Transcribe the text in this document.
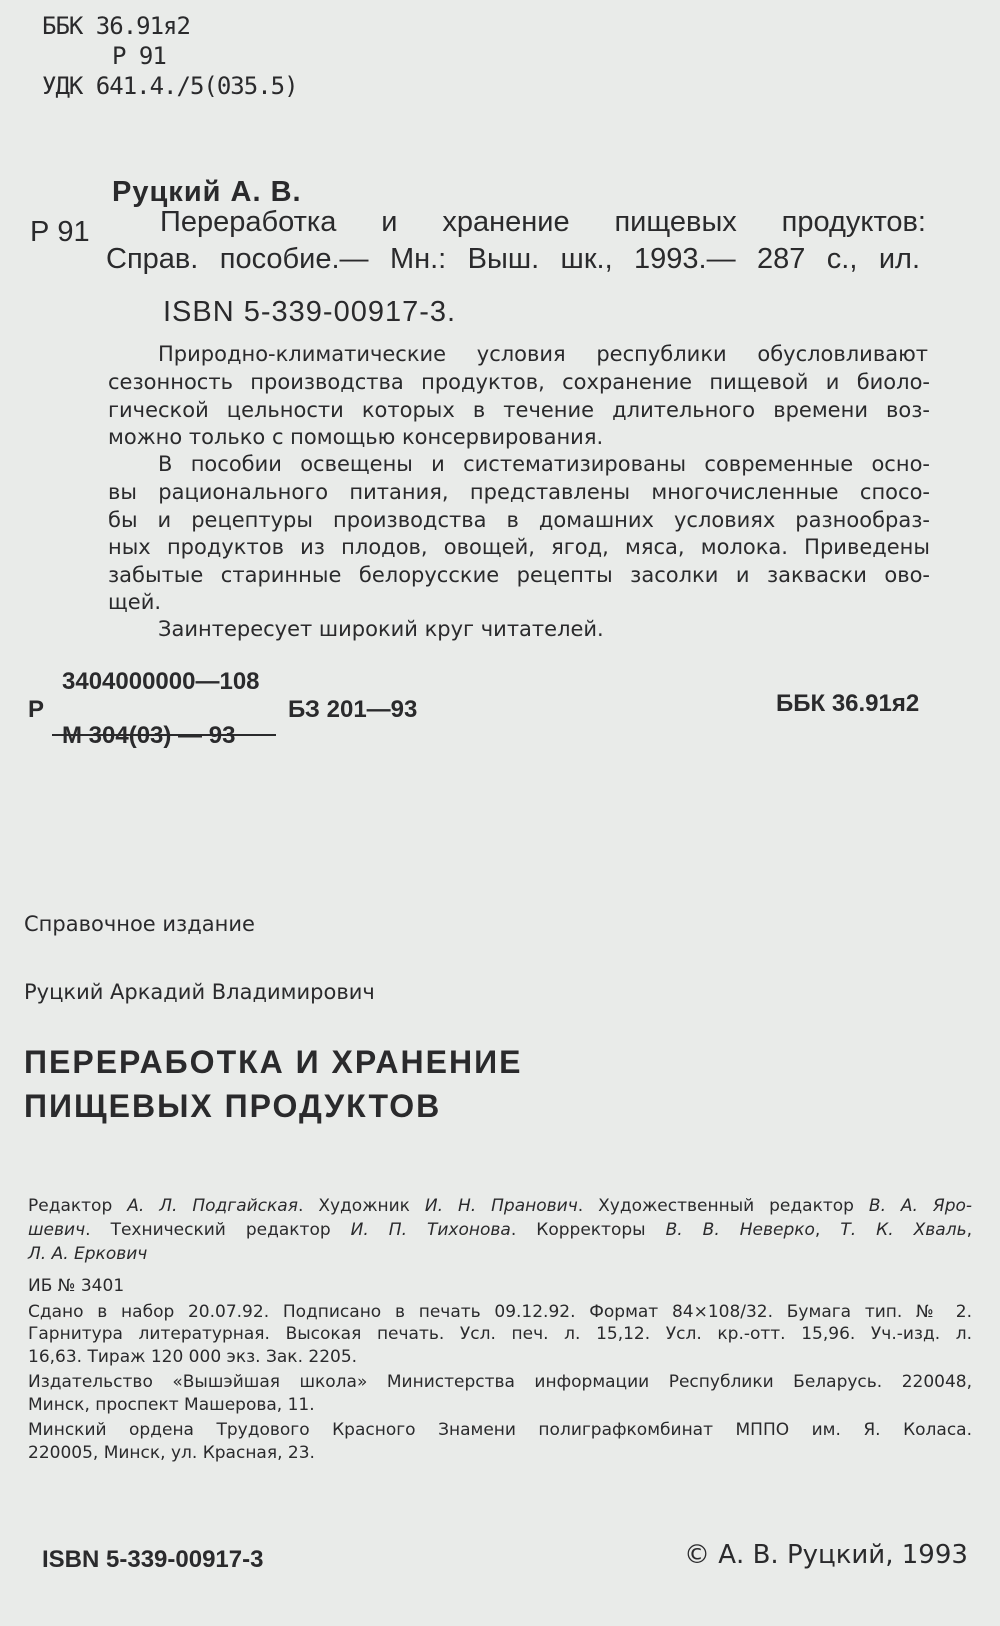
ББК 36.91я2
Р 91
УДК 641.4./5(035.5)
Руцкий А. В.
Р 91 Переработка и хранение пищевых продуктов:
Справ. пособие.— Мн.: Выш. шк., 1993.— 287 с., ил.
ISBN 5-339-00917-3.
Природно-климатические условия республики обусловливают
сезонность производства продуктов, сохранение пищевой и биоло-
гической цельности которых в течение длительного времени воз-
можно только с помощью консервирования.
В пособии освещены и систематизированы современные осно-
вы рационального питания, представлены многочисленные спосо-
бы и рецептуры производства в домашних условиях разнообраз-
ных продуктов из плодов, овощей, ягод, мяса, молока. Приведены
забытые старинные белорусские рецепты засолки и закваски ово-
щей.
Заинтересует широкий круг читателей.
Р
3404000000—108
М 304(03) — 93
БЗ 201—93	ББК 36.91я2
Справочное издание
Руцкий Аркадий Владимирович
ПЕРЕРАБОТКА И ХРАНЕНИЕ
ПИЩЕВЫХ ПРОДУКТОВ
Редактор А. Л. Подгайская. Художник И. Н. Пранович. Художественный редактор В. А. Яро-
шевич. Технический редактор И. П. Тихонова. Корректоры В. В. Неверко, Т. К. Хваль,
Л. А. Еркович
ИБ № 3401
Сдано в набор 20.07.92. Подписано в печать 09.12.92. Формат 84×108/32. Бумага тип. № 2.
Гарнитура литературная. Высокая печать. Усл. печ. л. 15,12. Усл. кр.-отт. 15,96. Уч.-изд. л.
16,63. Тираж 120 000 экз. Зак. 2205.
Издательство «Вышэйшая школа» Министерства информации Республики Беларусь. 220048,
Минск, проспект Машерова, 11.
Минский ордена Трудового Красного Знамени полиграфкомбинат МППО им. Я. Коласа.
220005, Минск, ул. Красная, 23.
ISBN 5-339-00917-3	© А. В. Руцкий, 1993
